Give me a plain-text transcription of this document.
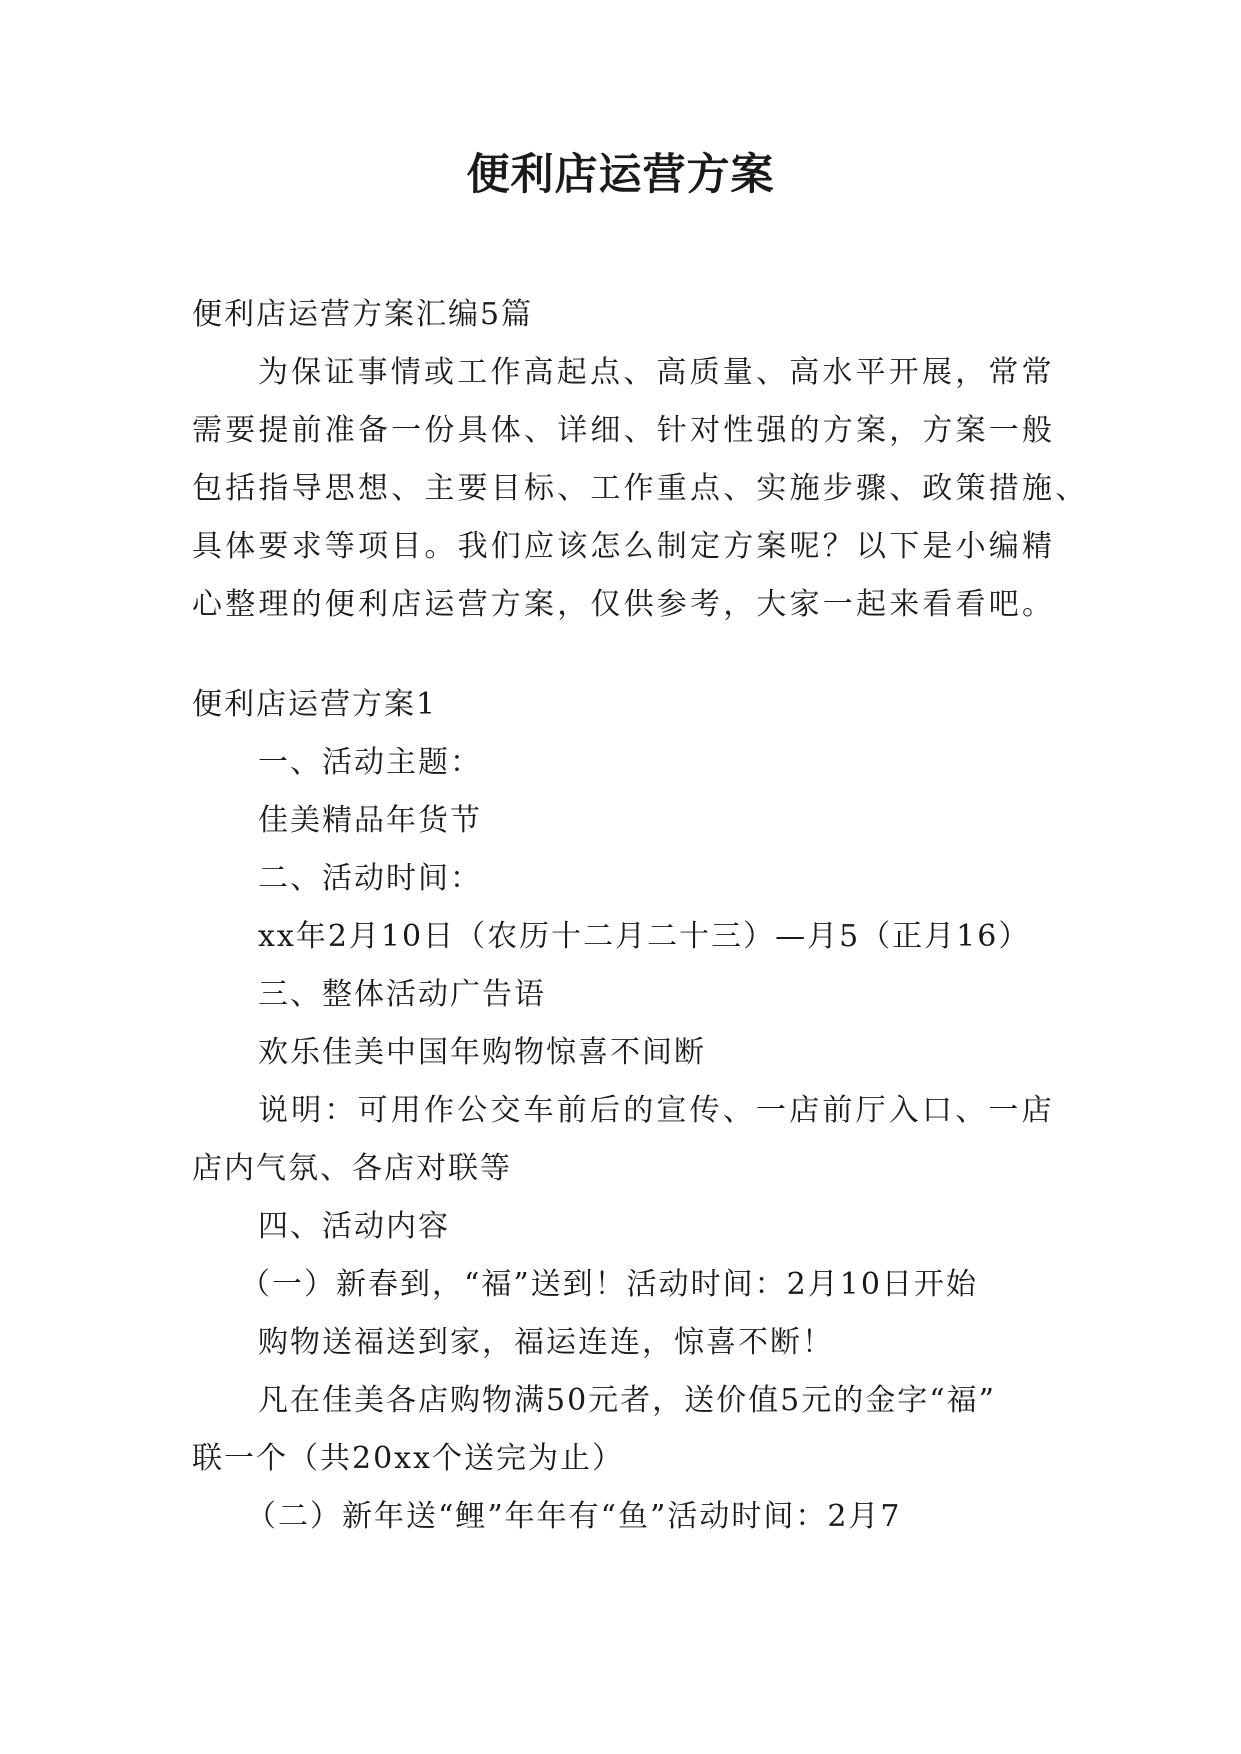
便利店运营方案

便利店运营方案汇编5篇

为保证事情或工作高起点、高质量、高水平开展，常常

需要提前准备一份具体、详细、针对性强的方案，方案一般

包括指导思想、主要目标、工作重点、实施步骤、政策措施、

具体要求等项目。我们应该怎么制定方案呢？以下是小编精

心整理的便利店运营方案，仅供参考，大家一起来看看吧。

便利店运营方案1

一、活动主题：

佳美精品年货节

二、活动时间：

xx年2月10日（农历十二月二十三）—月5（正月16）

三、整体活动广告语

欢乐佳美中国年购物惊喜不间断

说明：可用作公交车前后的宣传、一店前厅入口、一店

店内气氛、各店对联等

四、活动内容

（一）新春到，“福”送到！活动时间：2月10日开始

购物送福送到家，福运连连，惊喜不断！

凡在佳美各店购物满50元者，送价值5元的金字“福”

联一个（共20xx个送完为止）

（二）新年送“鲤”年年有“鱼”活动时间：2月7
